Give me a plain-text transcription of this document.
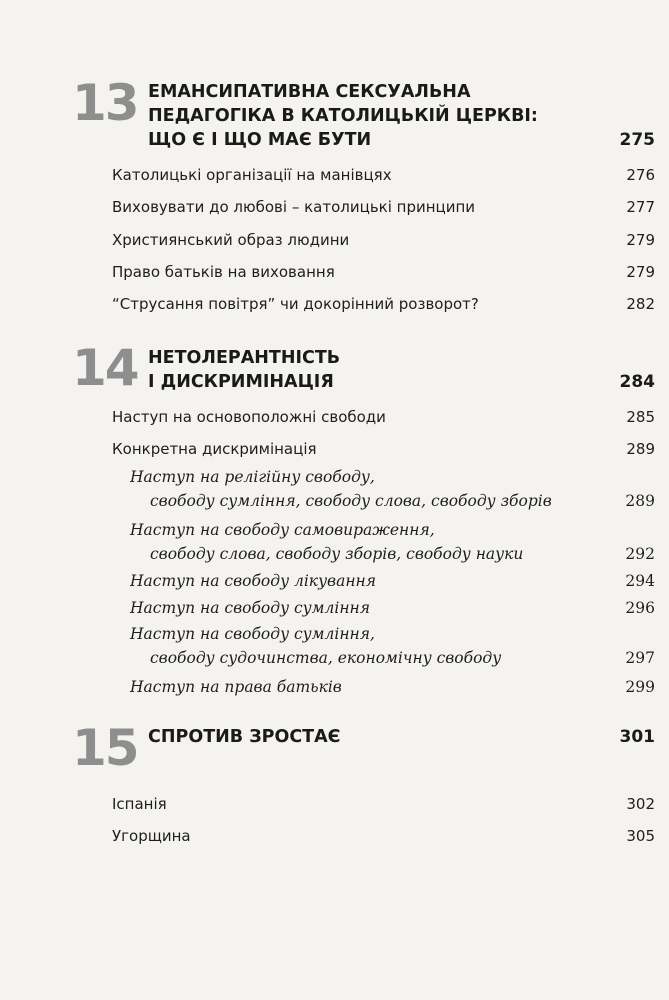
13 ЕМАНСИПАТИВНА СЕКСУАЛЬНА
ПЕДАГОГІКА В КАТОЛИЦЬКІЙ ЦЕРКВІ:
ЩО Є І ЩО МАЄ БУТИ	275
Католицькі організації на манівцях	276
Виховувати до любові – католицькі принципи	277
Християнський образ людини	279
Право батьків на виховання	279
“Струсання повітря” чи докорінний розворот?	282
14 НЕТОЛЕРАНТНІСТЬ
І ДИСКРИМІНАЦІЯ	284
Наступ на основоположні свободи	285
Конкретна дискримінація	289
Наступ на релігійну свободу,
свободу сумління, свободу слова, свободу зборів	289
Наступ на свободу самовираження,
свободу слова, свободу зборів, свободу науки	292
Наступ на свободу лікування	294
Наступ на свободу сумління	296
Наступ на свободу сумління,
свободу судочинства, економічну свободу	297
Наступ на права батьків	299
15 СПРОТИВ ЗРОСТАЄ	301
Іспанія	302
Угорщина	305
